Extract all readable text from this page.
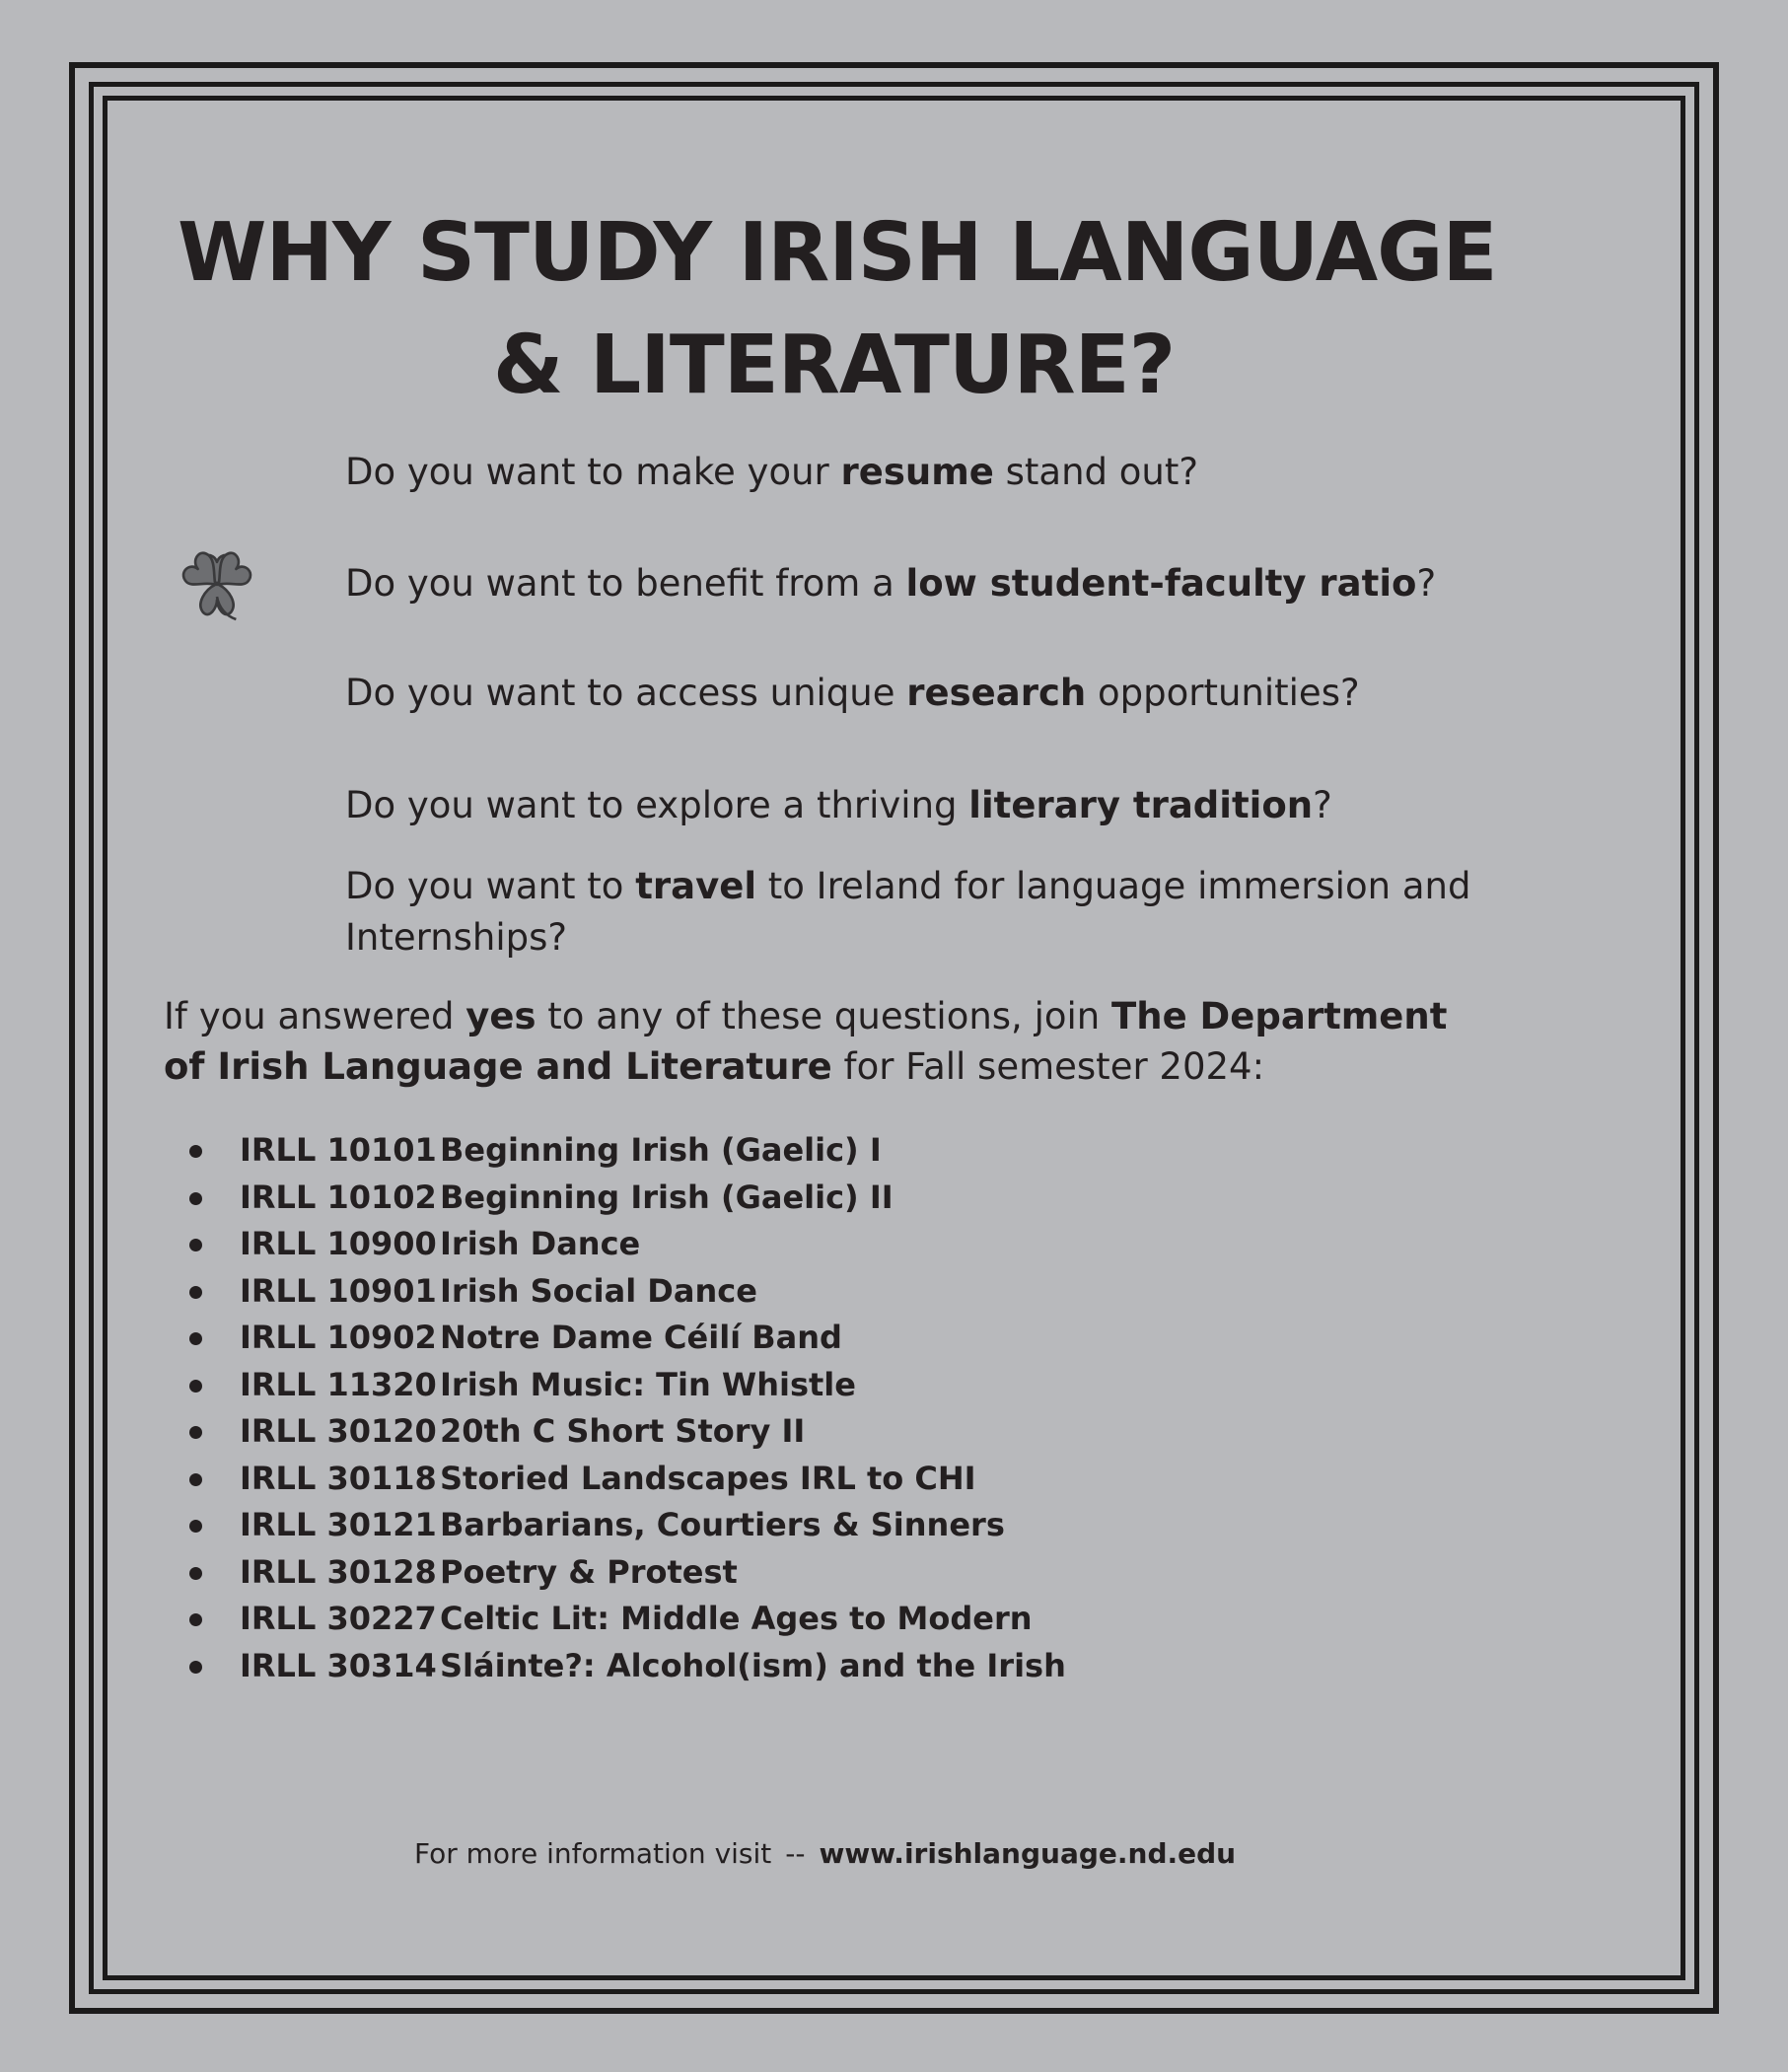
WHY STUDY IRISH LANGUAGE
& LITERATURE?
Do you want to make your resume stand out?
Do you want to benefit from a low student-faculty ratio?
Do you want to access unique research opportunities?
Do you want to explore a thriving literary tradition?
Do you want to travel to Ireland for language immersion and Internships?
If you answered yes to any of these questions, join The Department of Irish Language and Literature for Fall semester 2024:
IRLL 10101 Beginning Irish (Gaelic) I
IRLL 10102 Beginning Irish (Gaelic) II
IRLL 10900 Irish Dance
IRLL 10901 Irish Social Dance
IRLL 10902 Notre Dame Céilí Band
IRLL 11320 Irish Music: Tin Whistle
IRLL 30120 20th C Short Story II
IRLL 30118 Storied Landscapes IRL to CHI
IRLL 30121 Barbarians, Courtiers & Sinners
IRLL 30128 Poetry & Protest
IRLL 30227 Celtic Lit: Middle Ages to Modern
IRLL 30314 Sláinte?: Alcohol(ism) and the Irish
For more information visit -- www.irishlanguage.nd.edu
